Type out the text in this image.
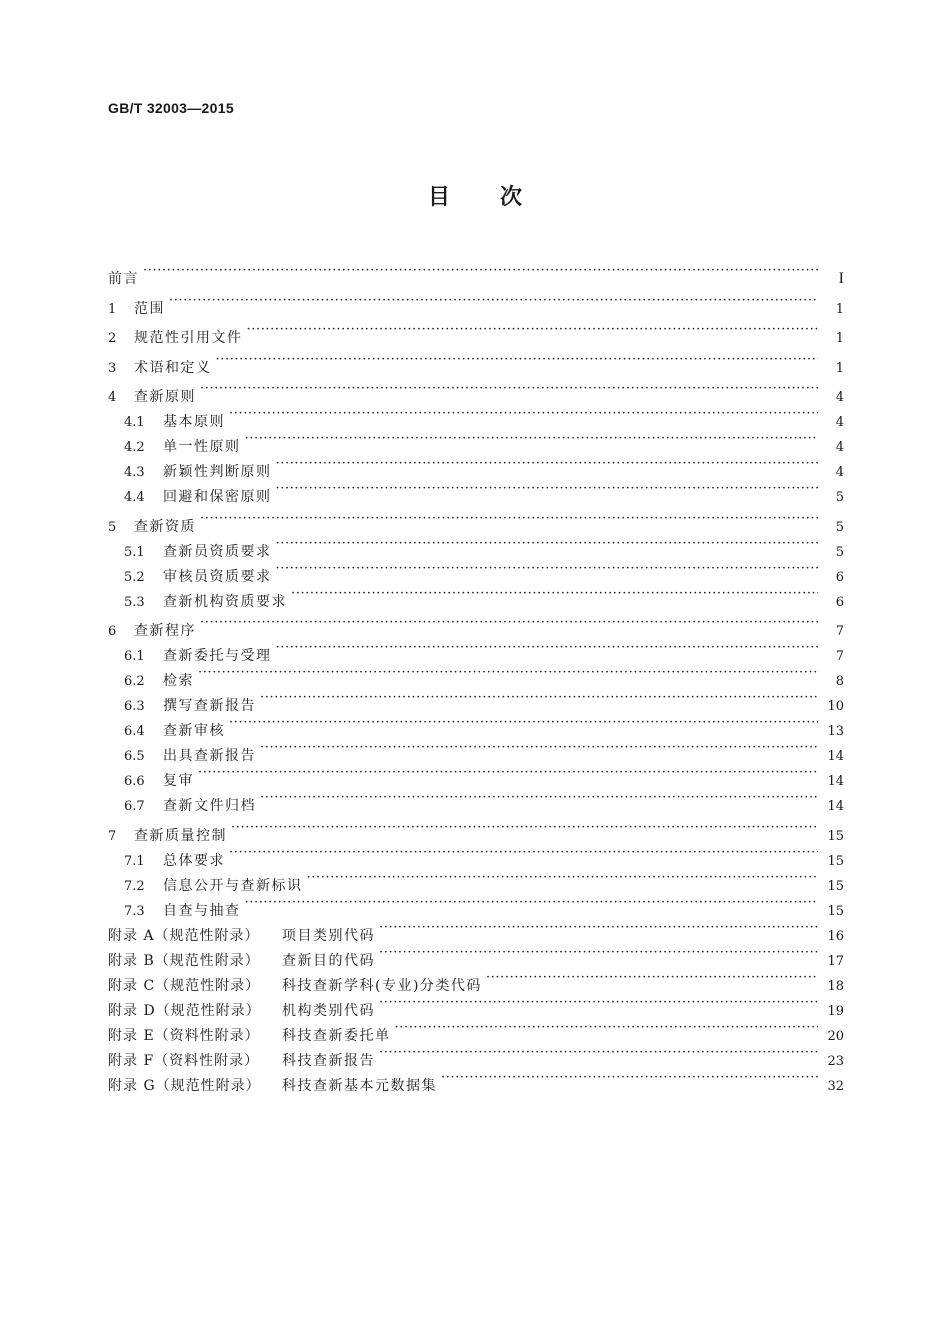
GB/T 32003—2015
目次
前言 ·····	I
1	范围 ·····	1
2	规范性引用文件 ·····	1
3	术语和定义 ·····	1
4	查新原则 ·····	4
4.1	基本原则 ·····	4
4.2	单一性原则 ·····	4
4.3	新颖性判断原则 ·····	4
4.4	回避和保密原则 ·····	5
5	查新资质 ·····	5
5.1	查新员资质要求 ·····	5
5.2	审核员资质要求 ·····	6
5.3	查新机构资质要求 ·····	6
6	查新程序 ·····	7
6.1	查新委托与受理 ·····	7
6.2	检索 ·····	8
6.3	撰写查新报告 ·····	10
6.4	查新审核 ·····	13
6.5	出具查新报告 ·····	14
6.6	复审 ·····	14
6.7	查新文件归档 ·····	14
7	查新质量控制 ·····	15
7.1	总体要求 ·····	15
7.2	信息公开与查新标识 ·····	15
7.3	自查与抽查 ·····	15
附录 A（规范性附录）	项目类别代码 ·····	16
附录 B（规范性附录）	查新目的代码 ·····	17
附录 C（规范性附录）	科技查新学科(专业)分类代码 ·····	18
附录 D（规范性附录）	机构类别代码 ·····	19
附录 E（资料性附录）	科技查新委托单 ·····	20
附录 F（资料性附录）	科技查新报告 ·····	23
附录 G（规范性附录）	科技查新基本元数据集 ·····	32
